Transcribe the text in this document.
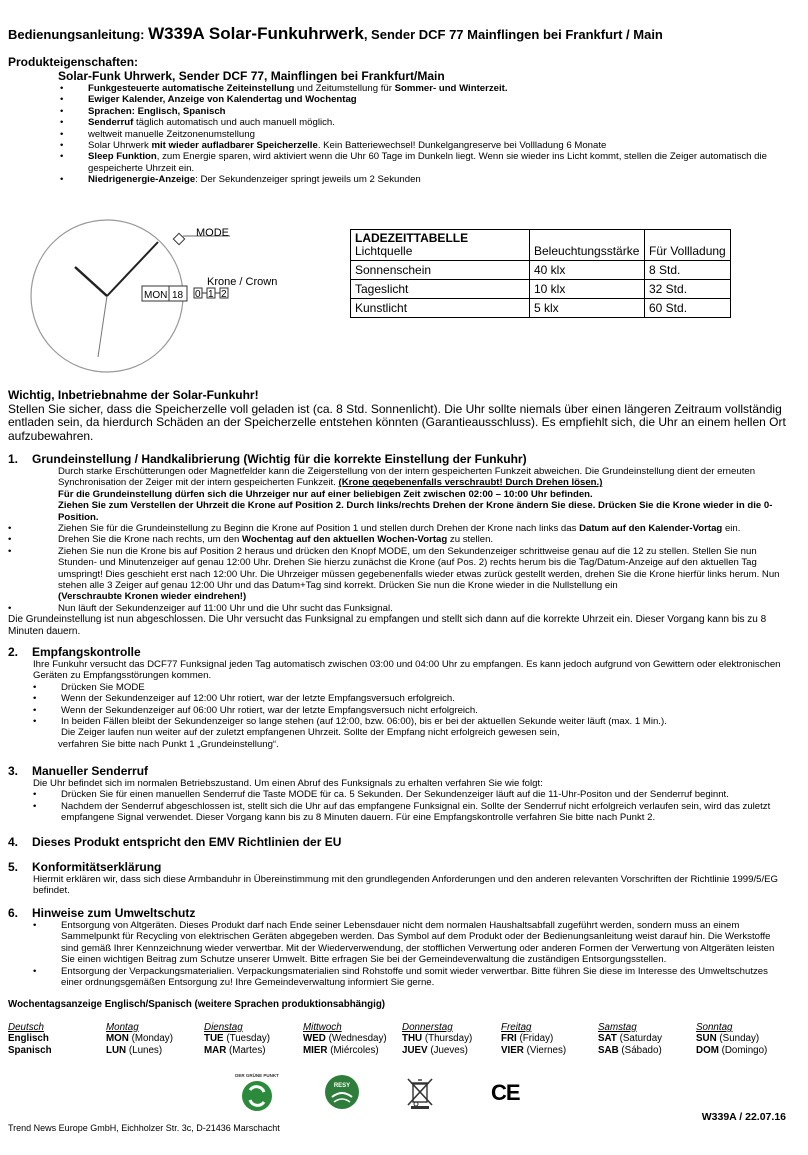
Bedienungsanleitung: W339A Solar-Funkuhrwerk, Sender DCF 77 Mainflingen bei Frankfurt / Main
Produkteigenschaften:
Solar-Funk Uhrwerk, Sender DCF 77, Mainflingen bei Frankfurt/Main
• Funkgesteuerte automatische Zeiteinstellung und Zeitumstellung für Sommer- und Winterzeit.
• Ewiger Kalender, Anzeige von Kalendertag und Wochentag
• Sprachen: Englisch, Spanisch
• Senderruf täglich automatisch und auch manuell möglich.
• weltweit manuelle Zeitzonenumstellung
• Solar Uhrwerk mit wieder aufladbarer Speicherzelle. Kein Batteriewechsel! Dunkelgangreserve bei Vollladung 6 Monate
• Sleep Funktion, zum Energie sparen, wird aktiviert wenn die Uhr 60 Tage im Dunkeln liegt. Wenn sie wieder ins Licht kommt, stellen die Zeiger automatisch die gespeicherte Uhrzeit ein.
• Niedrigenergie-Anzeige: Der Sekundenzeiger springt jeweils um 2 Sekunden
MODE
MON 18
Krone / Crown
0 1 2
LADEZEITTABELLE
Lichtquelle	Beleuchtungsstärke	Für Vollladung
Sonnenschein	40 klx	8 Std.
Tageslicht	10 klx	32 Std.
Kunstlicht	5 klx	60 Std.
Wichtig, Inbetriebnahme der Solar-Funkuhr!
Stellen Sie sicher, dass die Speicherzelle voll geladen ist (ca. 8 Std. Sonnenlicht). Die Uhr sollte niemals über einen längeren Zeitraum vollständig entladen sein, da hierdurch Schäden an der Speicherzelle entstehen könnten (Garantieausschluss). Es empfiehlt sich, die Uhr an einem hellen Ort aufzubewahren.
1. Grundeinstellung / Handkalibrierung (Wichtig für die korrekte Einstellung der Funkuhr)
Durch starke Erschütterungen oder Magnetfelder kann die Zeigerstellung von der intern gespeicherten Funkzeit abweichen. Die Grundeinstellung dient der erneuten Synchronisation der Zeiger mit der intern gespeicherten Funkzeit. (Krone gegebenenfalls verschraubt! Durch Drehen lösen.)
Für die Grundeinstellung dürfen sich die Uhrzeiger nur auf einer beliebigen Zeit zwischen 02:00 – 10:00 Uhr befinden.
Ziehen Sie zum Verstellen der Uhrzeit die Krone auf Position 2. Durch links/rechts Drehen der Krone ändern Sie diese. Drücken Sie die Krone wieder in die 0-Position.
• Ziehen Sie für die Grundeinstellung zu Beginn die Krone auf Position 1 und stellen durch Drehen der Krone nach links das Datum auf den Kalender-Vortag ein.
• Drehen Sie die Krone nach rechts, um den Wochentag auf den aktuellen Wochen-Vortag zu stellen.
• Ziehen Sie nun die Krone bis auf Position 2 heraus und drücken den Knopf MODE, um den Sekundenzeiger schrittweise genau auf die 12 zu stellen. Stellen Sie nun Stunden- und Minutenzeiger auf genau 12:00 Uhr. Drehen Sie hierzu zunächst die Krone (auf Pos. 2) rechts herum bis die Tag/Datum-Anzeige auf den aktuellen Tag umspringt! Dies geschieht erst nach 12:00 Uhr. Die Uhrzeiger müssen gegebenenfalls wieder etwas zurück gestellt werden, drehen Sie die Krone hierfür links herum. Nun stehen alle 3 Zeiger auf genau 12:00 Uhr und das Datum+Tag sind korrekt. Drücken Sie nun die Krone wieder in die Nullstellung ein
(Verschraubte Kronen wieder eindrehen!)
• Nun läuft der Sekundenzeiger auf 11:00 Uhr und die Uhr sucht das Funksignal.
Die Grundeinstellung ist nun abgeschlossen. Die Uhr versucht das Funksignal zu empfangen und stellt sich dann auf die korrekte Uhrzeit ein. Dieser Vorgang kann bis zu 8 Minuten dauern.
2. Empfangskontrolle
Ihre Funkuhr versucht das DCF77 Funksignal jeden Tag automatisch zwischen 03:00 und 04:00 Uhr zu empfangen. Es kann jedoch aufgrund von Gewittern oder elektronischen Geräten zu Empfangsstörungen kommen.
• Drücken Sie MODE
• Wenn der Sekundenzeiger auf 12:00 Uhr rotiert, war der letzte Empfangsversuch erfolgreich.
• Wenn der Sekundenzeiger auf 06:00 Uhr rotiert, war der letzte Empfangsversuch nicht erfolgreich.
• In beiden Fällen bleibt der Sekundenzeiger so lange stehen (auf 12:00, bzw. 06:00), bis er bei der aktuellen Sekunde weiter läuft (max. 1 Min.).
Die Zeiger laufen nun weiter auf der zuletzt empfangenen Uhrzeit. Sollte der Empfang nicht erfolgreich gewesen sein,
verfahren Sie bitte nach Punkt 1 „Grundeinstellung“.
3. Manueller Senderruf
Die Uhr befindet sich im normalen Betriebszustand. Um einen Abruf des Funksignals zu erhalten verfahren Sie wie folgt:
• Drücken Sie für einen manuellen Senderruf die Taste MODE für ca. 5 Sekunden. Der Sekundenzeiger läuft auf die 11-Uhr-Positon und der Senderruf beginnt.
• Nachdem der Senderruf abgeschlossen ist, stellt sich die Uhr auf das empfangene Funksignal ein. Sollte der Senderruf nicht erfolgreich verlaufen sein, wird das zuletzt empfangene Signal verwendet. Dieser Vorgang kann bis zu 8 Minuten dauern. Für eine Empfangskontrolle verfahren Sie bitte nach Punkt 2.
4. Dieses Produkt entspricht den EMV Richtlinien der EU
5. Konformitätserklärung
Hiermit erklären wir, dass sich diese Armbanduhr in Übereinstimmung mit den grundlegenden Anforderungen und den anderen relevanten Vorschriften der Richtlinie 1999/5/EG befindet.
6. Hinweise zum Umweltschutz
• Entsorgung von Altgeräten. Dieses Produkt darf nach Ende seiner Lebensdauer nicht dem normalen Haushaltsabfall zugeführt werden, sondern muss an einem Sammelpunkt für Recycling von elektrischen Geräten abgegeben werden. Das Symbol auf dem Produkt oder der Bedienungsanleitung weist darauf hin. Die Werkstoffe sind gemäß Ihrer Kennzeichnung wieder verwertbar. Mit der Wiederverwendung, der stofflichen Verwertung oder anderen Formen der Verwertung von Altgeräten leisten Sie einen wichtigen Beitrag zum Schutze unserer Umwelt. Bitte erfragen Sie bei der Gemeindeverwaltung die zuständigen Entsorgungsstellen.
• Entsorgung der Verpackungsmaterialien. Verpackungsmaterialien sind Rohstoffe und somit wieder verwertbar. Bitte führen Sie diese im Interesse des Umweltschutzes einer ordnungsgemäßen Entsorgung zu! Ihre Gemeindeverwaltung informiert Sie gerne.
Wochentagsanzeige Englisch/Spanisch (weitere Sprachen produktionsabhängig)
Deutsch	Montag	Dienstag	Mittwoch	Donnerstag	Freitag	Samstag	Sonntag
Englisch	MON (Monday)	TUE (Tuesday)	WED (Wednesday)	THU (Thursday)	FRI (Friday)	SAT (Saturday	SUN (Sunday)
Spanisch	LUN (Lunes)	MAR (Martes)	MIER (Miércoles)	JUEV (Jueves)	VIER (Viernes)	SAB (Sábado)	DOM (Domingo)
DER GRÜNE PUNKT
RESY	CE
W339A / 22.07.16
Trend News Europe GmbH, Eichholzer Str. 3c, D-21436 Marschacht
